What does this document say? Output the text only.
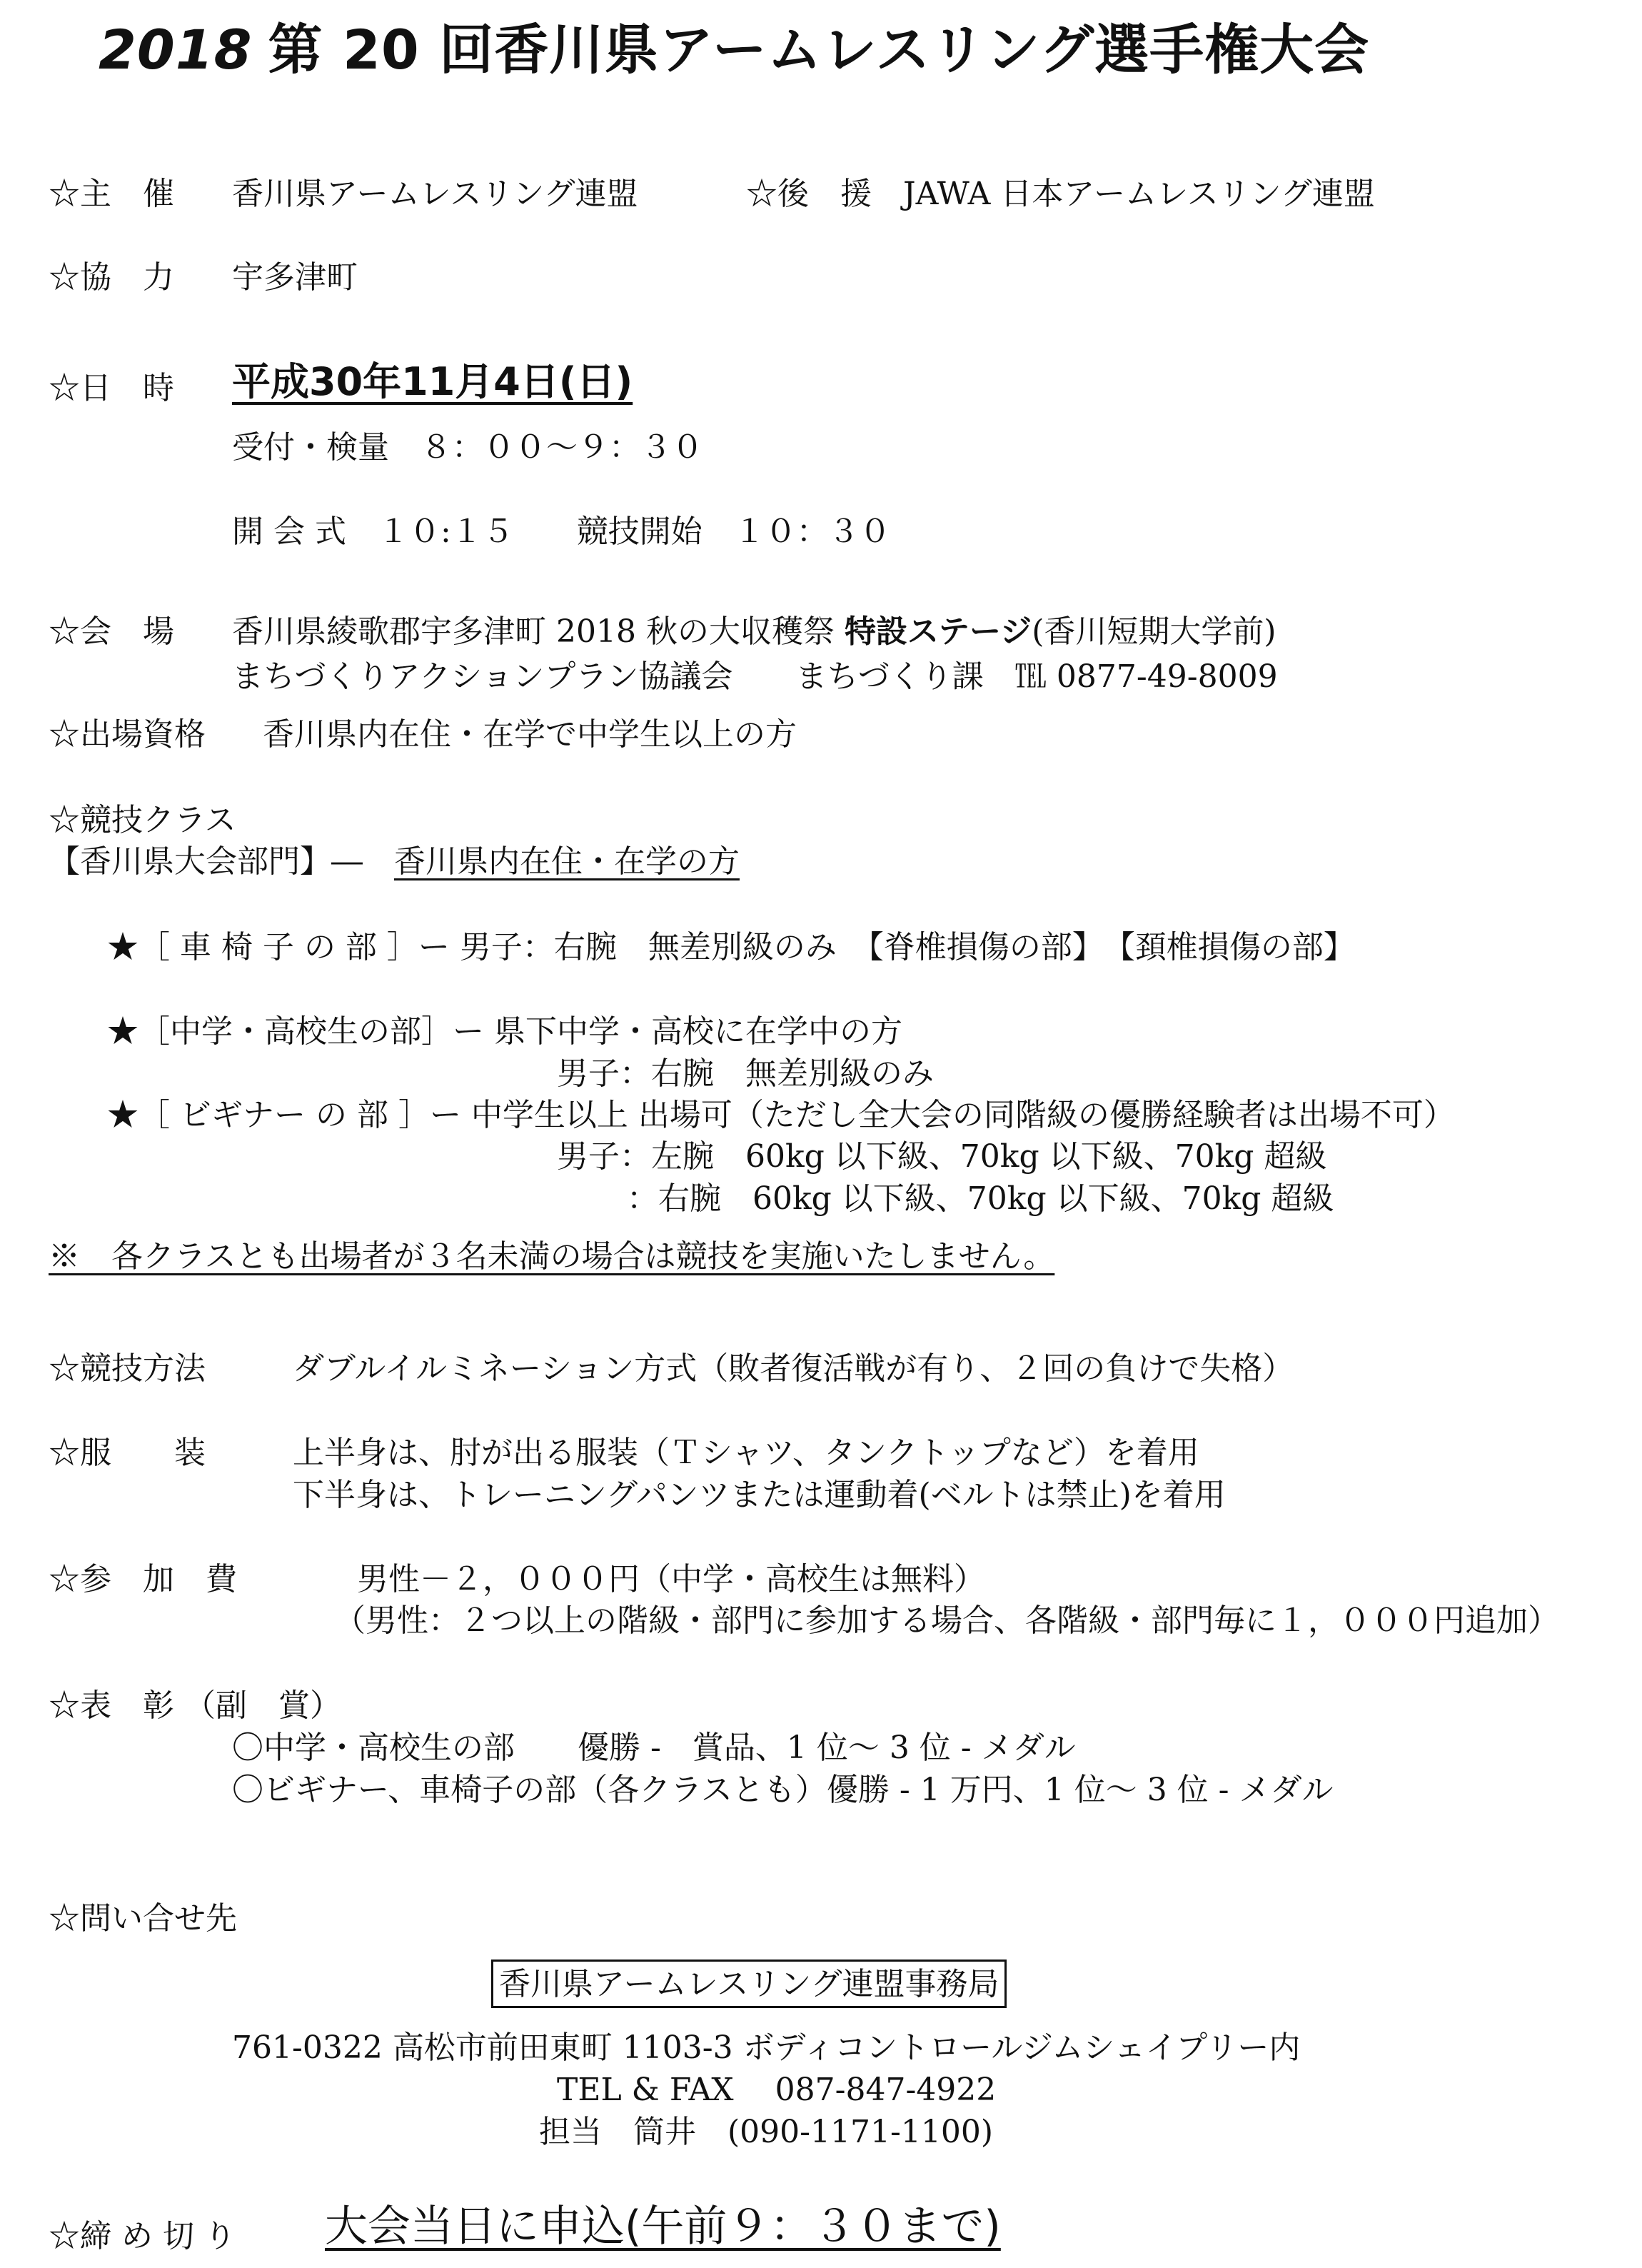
2018 第 20 回香川県アームレスリング選手権大会
☆主　催 香川県アームレスリング連盟	☆後　援 JAWA 日本アームレスリング連盟
☆協　力 宇多津町
☆日　時 平成30年11月4日(日)
受付・検量　８：００～９：３０
開 会 式　１０:１５　　競技開始　１０：３０
☆会　場 香川県綾歌郡宇多津町 2018 秋の大収穫祭 特設ステージ(香川短期大学前)
まちづくりアクションプラン協議会　　まちづくり課　℡ 0877-49-8009
☆出場資格 香川県内在住・在学で中学生以上の方
☆競技クラス
【香川県大会部門】―　香川県内在住・在学の方
★［ 車 椅 子 の 部 ］ー 男子：右腕　無差別級のみ　【脊椎損傷の部】　【頚椎損傷の部】
★［中学・高校生の部］ー 県下中学・高校に在学中の方
男子：右腕　無差別級のみ
★［ ビギナー の 部 ］ー 中学生以上 出場可（ただし全大会の同階級の優勝経験者は出場不可）
男子：左腕　60kg 以下級、70kg 以下級、70kg 超級
：右腕　60kg 以下級、70kg 以下級、70kg 超級
※　各クラスとも出場者が３名未満の場合は競技を実施いたしません。
☆競技方法	ダブルイルミネーション方式（敗者復活戦が有り、２回の負けで失格）
☆服　　装	上半身は、肘が出る服装（Ｔシャツ、タンクトップなど）を着用
下半身は、トレーニングパンツまたは運動着(ベルトは禁止)を着用
☆参　加　費	男性－２，０００円（中学・高校生は無料）
（男性：２つ以上の階級・部門に参加する場合、各階級・部門毎に１，０００円追加）
☆表　彰 （副　賞）
〇中学・高校生の部　　優勝 -　賞品、1 位～ 3 位 - メダル
〇ビギナー、車椅子の部（各クラスとも）優勝 - 1 万円、1 位～ 3 位 - メダル
☆問い合せ先
香川県アームレスリング連盟事務局
761-0322 高松市前田東町 1103-3 ボディコントロールジムシェイプリー内
TEL & FAX　 087-847-4922
担当　筒井　(090-1171-1100)
☆締 め 切 り 大会当日に申込(午前９：３０まで)
